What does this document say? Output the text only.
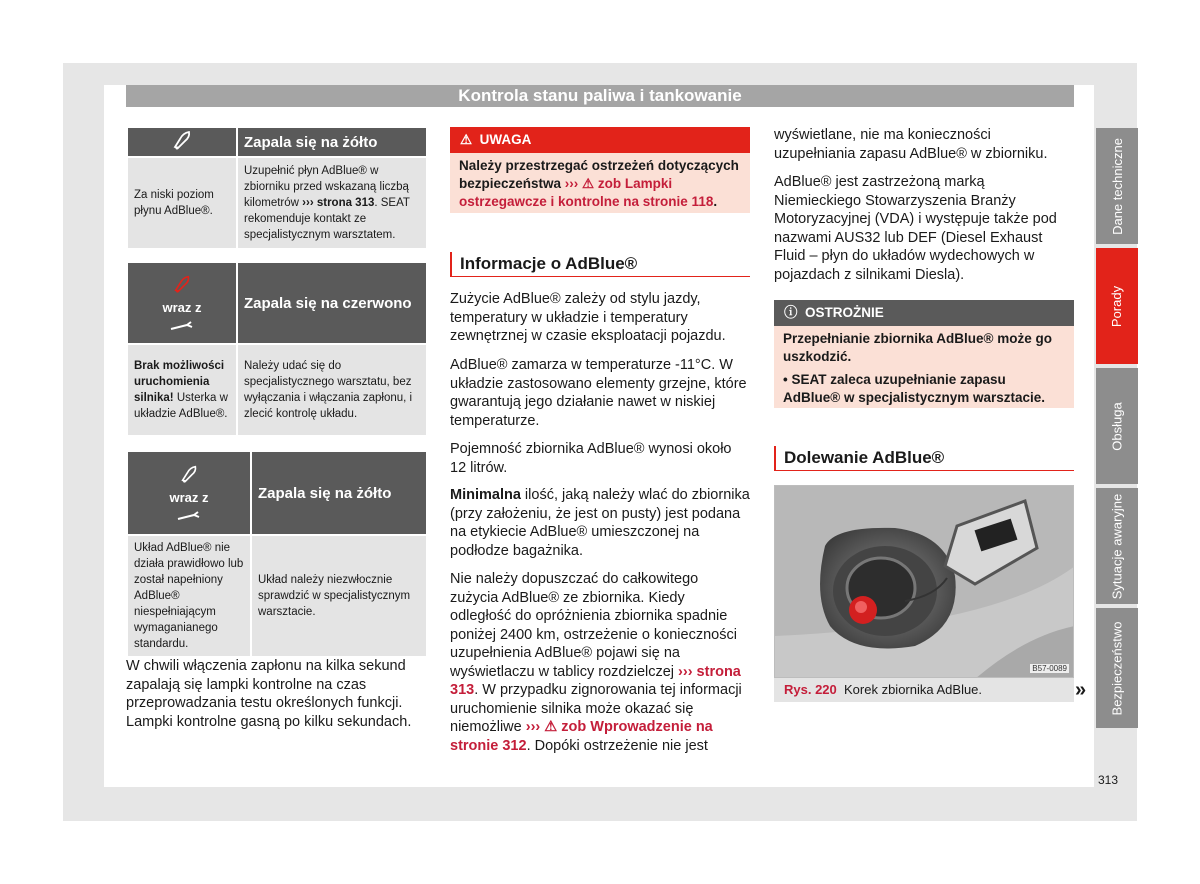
Kontrola stanu paliwa i tankowanie
Dane techniczne
Porady
Obsługa
Sytuacje awaryjne
Bezpieczeństwo
313
	Zapala się na żółto
Za niski poziom płynu AdBlue®.	Uzupełnić płyn AdBlue® w zbiorniku przed wskazaną liczbą kilometrów ››› strona 313. SEAT rekomenduje kontakt ze specjalistycznym warsztatem.
wraz z	Zapala się na czerwono
Brak możliwości uruchomienia silnika! Usterka w układzie AdBlue®.	Należy udać się do specjalistycznego warsztatu, bez wyłączania i włączania zapłonu, i zlecić kontrolę układu.
wraz z	Zapala się na żółto
Układ AdBlue® nie działa prawidłowo lub został napełniony AdBlue® niespełniającym wymaganianego standardu.	Układ należy niezwłocznie sprawdzić w specjalistycznym warsztacie.
W chwili włączenia zapłonu na kilka sekund zapalają się lampki kontrolne na czas przeprowadzania testu określonych funkcji. Lampki kontrolne gasną po kilku sekundach.
⚠ UWAGA
Należy przestrzegać ostrzeżeń dotyczących bezpieczeństwa ››› ⚠ zob Lampki ostrzegawcze i kontrolne na stronie 118.
Informacje o AdBlue®
Zużycie AdBlue® zależy od stylu jazdy, temperatury w układzie i temperatury zewnętrznej w czasie eksploatacji pojazdu.
AdBlue® zamarza w temperaturze -11°C. W układzie zastosowano elementy grzejne, które gwarantują jego działanie nawet w niskiej temperaturze.
Pojemność zbiornika AdBlue® wynosi około 12 litrów.
Minimalna ilość, jaką należy wlać do zbiornika (przy założeniu, że jest on pusty) jest podana na etykiecie AdBlue® umieszczonej na podłodze bagażnika.
Nie należy dopuszczać do całkowitego zużycia AdBlue® ze zbiornika. Kiedy odległość do opróżnienia zbiornika spadnie poniżej 2400 km, ostrzeżenie o konieczności uzupełnienia AdBlue® pojawi się na wyświetlaczu w tablicy rozdzielczej ››› strona 313. W przypadku zignorowania tej informacji uruchomienie silnika może okazać się niemożliwe ››› ⚠ zob Wprowadzenie na stronie 312. Dopóki ostrzeżenie nie jest
wyświetlane, nie ma konieczności uzupełniania zapasu AdBlue® w zbiorniku.
AdBlue® jest zastrzeżoną marką Niemieckiego Stowarzyszenia Branży Motoryzacyjnej (VDA) i występuje także pod nazwami AUS32 lub DEF (Diesel Exhaust Fluid – płyn do układów wydechowych w pojazdach z silnikami Diesla).
ⓘ OSTROŻNIE
Przepełnianie zbiornika AdBlue® może go uszkodzić.
• SEAT zaleca uzupełnianie zapasu AdBlue® w specjalistycznym warsztacie.
Dolewanie AdBlue®
B57-0089
Rys. 220 Korek zbiornika AdBlue.	»
